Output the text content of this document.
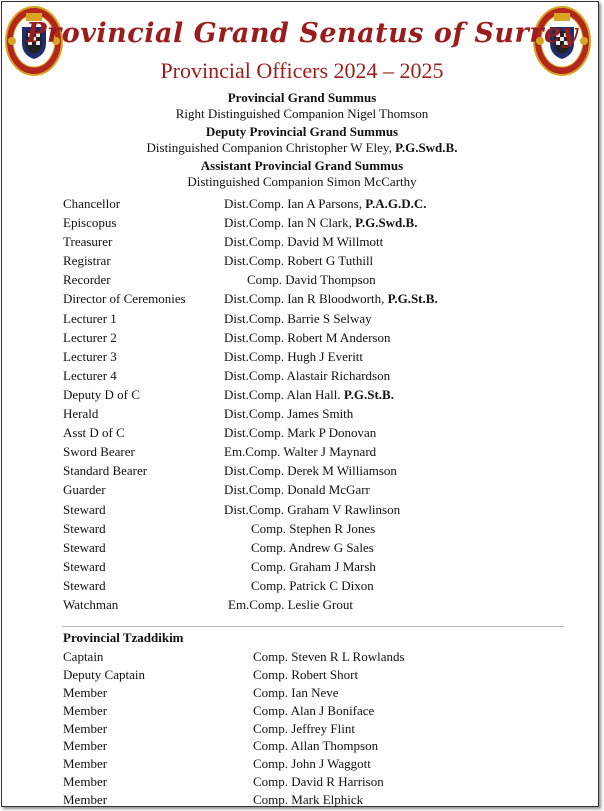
Provincial Grand Senatus of Surrey
Provincial Officers 2024 – 2025
Provincial Grand Summus
Right Distinguished Companion Nigel Thomson
Deputy Provincial Grand Summus
Distinguished Companion Christopher W Eley, P.G.Swd.B.
Assistant Provincial Grand Summus
Distinguished Companion Simon McCarthy
Chancellor	Dist.Comp. Ian A Parsons, P.A.G.D.C.
Episcopus	Dist.Comp. Ian N Clark, P.G.Swd.B.
Treasurer	Dist.Comp. David M Willmott
Registrar	Dist.Comp. Robert G Tuthill
Recorder	Comp. David Thompson
Director of Ceremonies	Dist.Comp. Ian R Bloodworth, P.G.St.B.
Lecturer 1	Dist.Comp. Barrie S Selway
Lecturer 2	Dist.Comp. Robert M Anderson
Lecturer 3	Dist.Comp. Hugh J Everitt
Lecturer 4	Dist.Comp. Alastair Richardson
Deputy D of C	Dist.Comp. Alan Hall. P.G.St.B.
Herald	Dist.Comp. James Smith
Asst D of C	Dist.Comp. Mark P Donovan
Sword Bearer	Em.Comp. Walter J Maynard
Standard Bearer	Dist.Comp. Derek M Williamson
Guarder	Dist.Comp. Donald McGarr
Steward	Dist.Comp. Graham V Rawlinson
Steward	Comp. Stephen R Jones
Steward	Comp. Andrew G Sales
Steward	Comp. Graham J Marsh
Steward	Comp. Patrick C Dixon
Watchman	Em.Comp. Leslie Grout
Provincial Tzaddikim
Captain	Comp. Steven R L Rowlands
Deputy Captain	Comp. Robert Short
Member	Comp. Ian Neve
Member	Comp. Alan J Boniface
Member	Comp. Jeffrey Flint
Member	Comp. Allan Thompson
Member	Comp. John J Waggott
Member	Comp. David R Harrison
Member	Comp. Mark Elphick
